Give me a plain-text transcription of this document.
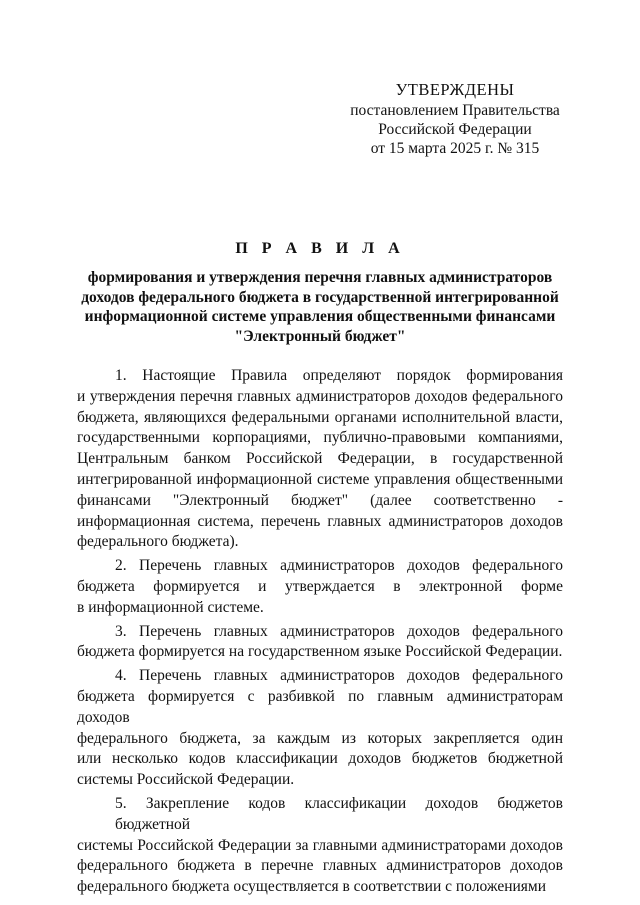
УТВЕРЖДЕНЫ
постановлением Правительства
Российской Федерации
от 15 марта 2025 г. № 315
П Р А В И Л А
формирования и утверждения перечня главных администраторов
доходов федерального бюджета в государственной интегрированной
информационной системе управления общественными финансами
"Электронный бюджет"
1. Настоящие Правила определяют порядок формирования
и утверждения перечня главных администраторов доходов федерального
бюджета, являющихся федеральными органами исполнительной власти,
государственными корпорациями, публично-правовыми компаниями,
Центральным банком Российской Федерации, в государственной
интегрированной информационной системе управления общественными
финансами "Электронный бюджет" (далее соответственно -
информационная система, перечень главных администраторов доходов
федерального бюджета).
2. Перечень главных администраторов доходов федерального
бюджета формируется и утверждается в электронной форме
в информационной системе.
3. Перечень главных администраторов доходов федерального
бюджета формируется на государственном языке Российской Федерации.
4. Перечень главных администраторов доходов федерального
бюджета формируется с разбивкой по главным администраторам доходов
федерального бюджета, за каждым из которых закрепляется один
или несколько кодов классификации доходов бюджетов бюджетной
системы Российской Федерации.
5. Закрепление кодов классификации доходов бюджетов бюджетной
системы Российской Федерации за главными администраторами доходов
федерального бюджета в перечне главных администраторов доходов
федерального бюджета осуществляется в соответствии с положениями
